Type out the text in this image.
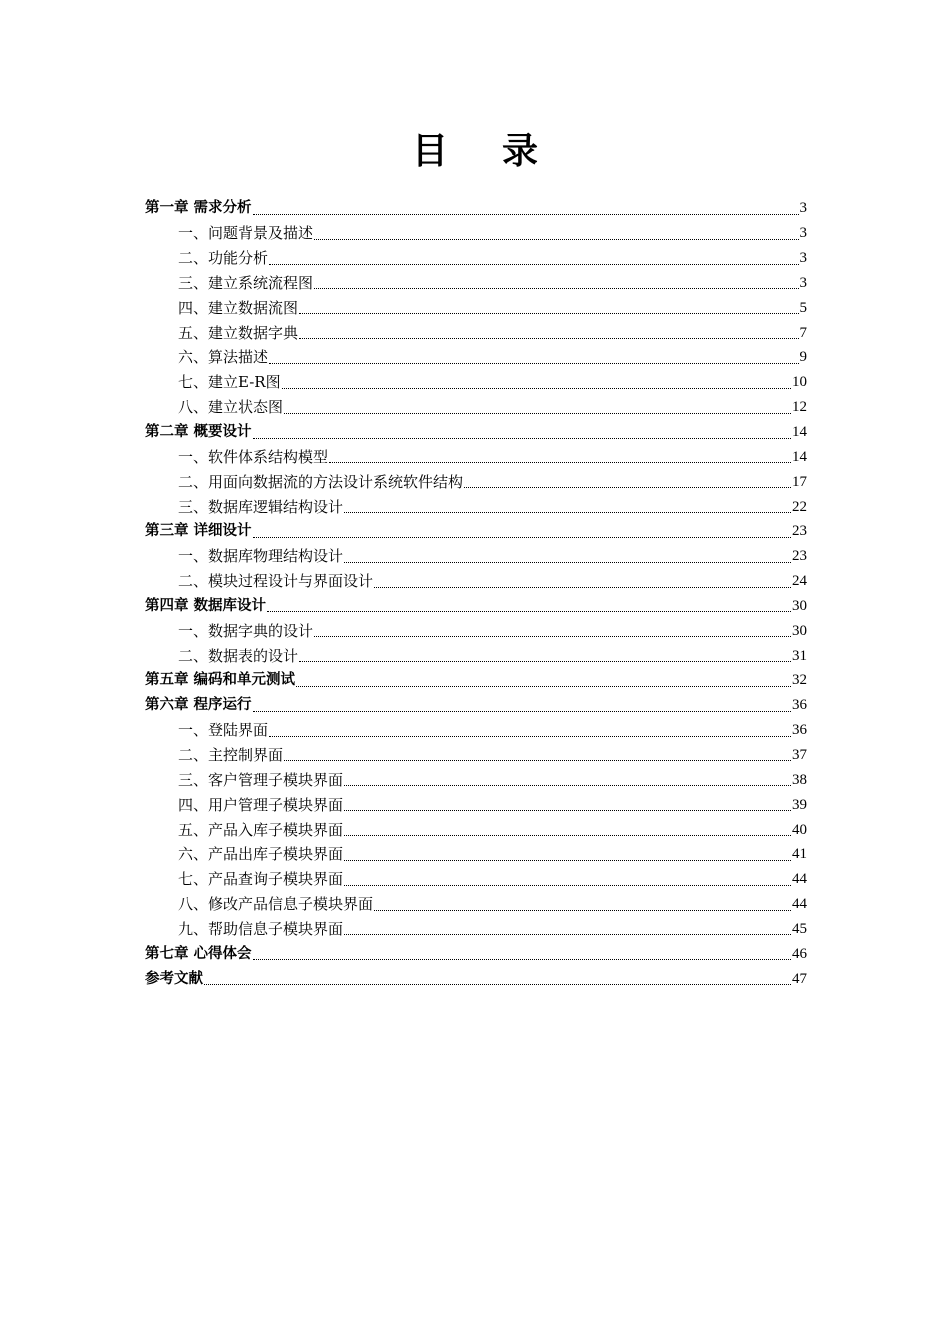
目 录
第一章 需求分析	3
一、问题背景及描述	3
二、功能分析	3
三、建立系统流程图	3
四、建立数据流图	5
五、建立数据字典	7
六、算法描述	9
七、建立E-R图	10
八、建立状态图	12
第二章 概要设计	14
一、软件体系结构模型	14
二、用面向数据流的方法设计系统软件结构	17
三、数据库逻辑结构设计	22
第三章 详细设计	23
一、数据库物理结构设计	23
二、模块过程设计与界面设计	24
第四章 数据库设计	30
一、数据字典的设计	30
二、数据表的设计	31
第五章 编码和单元测试	32
第六章 程序运行	36
一、登陆界面	36
二、主控制界面	37
三、客户管理子模块界面	38
四、用户管理子模块界面	39
五、产品入库子模块界面	40
六、产品出库子模块界面	41
七、产品查询子模块界面	44
八、修改产品信息子模块界面	44
九、帮助信息子模块界面	45
第七章 心得体会	46
参考文献	47
